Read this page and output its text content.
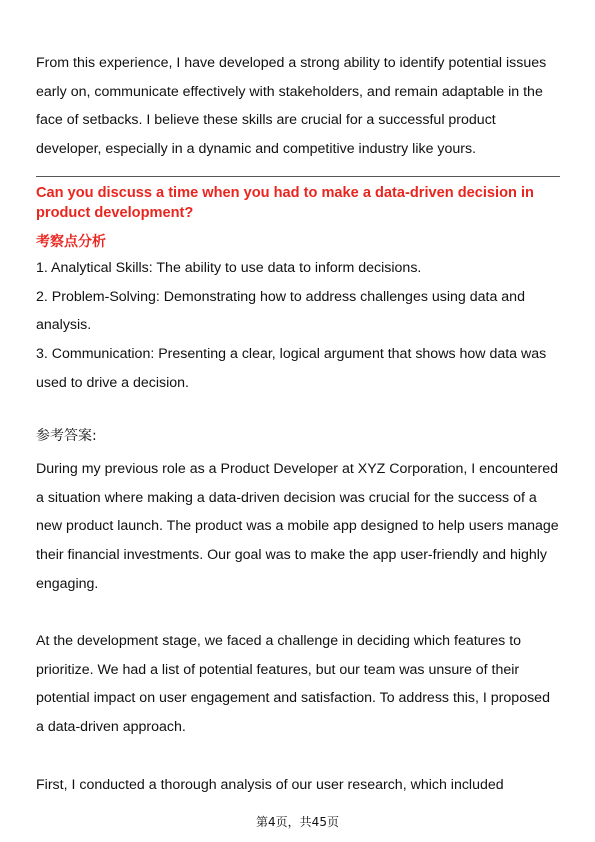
From this experience, I have developed a strong ability to identify potential issues early on, communicate effectively with stakeholders, and remain adaptable in the face of setbacks. I believe these skills are crucial for a successful product developer, especially in a dynamic and competitive industry like yours.

Can you discuss a time when you had to make a data-driven decision in product development?

考察点分析

1. Analytical Skills: The ability to use data to inform decisions.
2. Problem-Solving: Demonstrating how to address challenges using data and analysis.
3. Communication: Presenting a clear, logical argument that shows how data was used to drive a decision.

参考答案:

During my previous role as a Product Developer at XYZ Corporation, I encountered a situation where making a data-driven decision was crucial for the success of a new product launch. The product was a mobile app designed to help users manage their financial investments. Our goal was to make the app user-friendly and highly engaging.

At the development stage, we faced a challenge in deciding which features to prioritize. We had a list of potential features, but our team was unsure of their potential impact on user engagement and satisfaction. To address this, I proposed a data-driven approach.

First, I conducted a thorough analysis of our user research, which included

第4页，共45页
